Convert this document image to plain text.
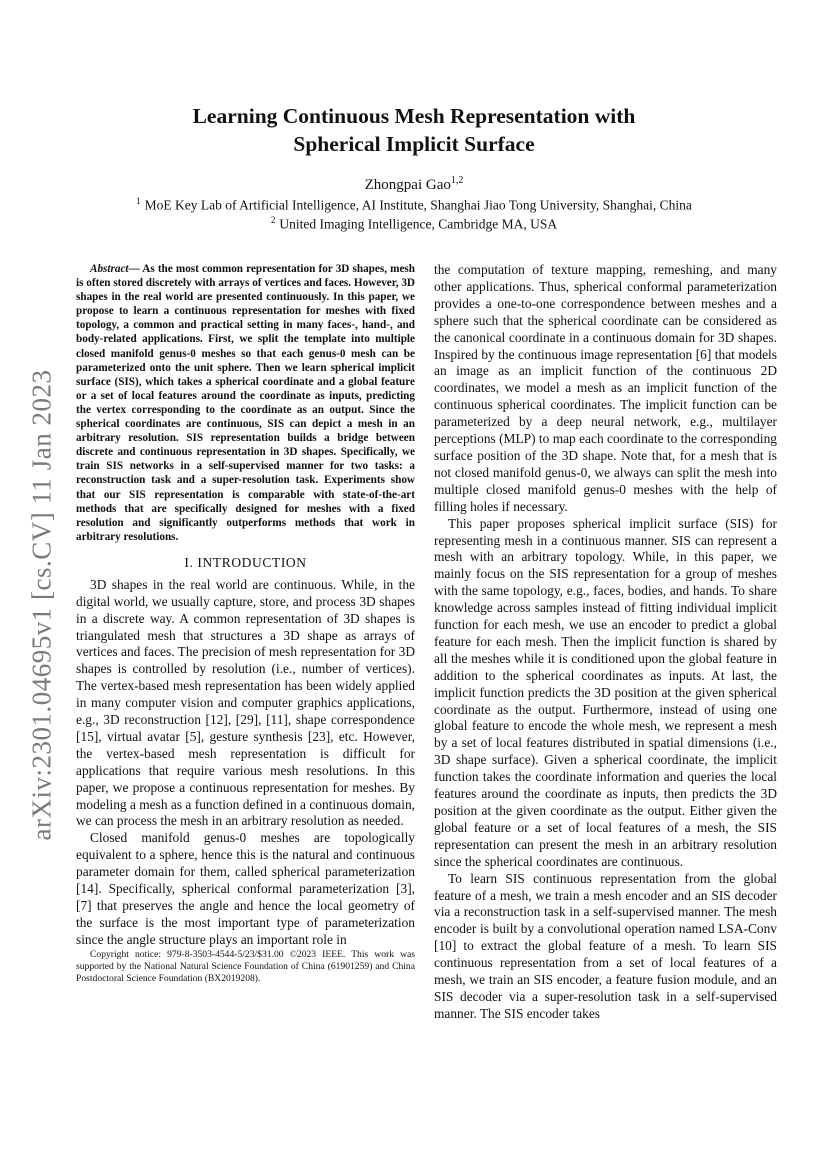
arXiv:2301.04695v1 [cs.CV] 11 Jan 2023
Learning Continuous Mesh Representation with
Spherical Implicit Surface
Zhongpai Gao$^{1,2}$
$^1$ MoE Key Lab of Artificial Intelligence, AI Institute, Shanghai Jiao Tong University, Shanghai, China
$^2$ United Imaging Intelligence, Cambridge MA, USA

Abstract— As the most common representation for 3D shapes, mesh is often stored discretely with arrays of vertices and faces. However, 3D shapes in the real world are presented continuously. In this paper, we propose to learn a continuous representation for meshes with fixed topology, a common and practical setting in many faces-, hand-, and body-related applications. First, we split the template into multiple closed manifold genus-0 meshes so that each genus-0 mesh can be parameterized onto the unit sphere. Then we learn spherical implicit surface (SIS), which takes a spherical coordinate and a global feature or a set of local features around the coordinate as inputs, predicting the vertex corresponding to the coordinate as an output. Since the spherical coordinates are continuous, SIS can depict a mesh in an arbitrary resolution. SIS representation builds a bridge between discrete and continuous representation in 3D shapes. Specifically, we train SIS networks in a self-supervised manner for two tasks: a reconstruction task and a super-resolution task. Experiments show that our SIS representation is comparable with state-of-the-art methods that are specifically designed for meshes with a fixed resolution and significantly outperforms methods that work in arbitrary resolutions.

I. INTRODUCTION

3D shapes in the real world are continuous. While, in the digital world, we usually capture, store, and process 3D shapes in a discrete way. A common representation of 3D shapes is triangulated mesh that structures a 3D shape as arrays of vertices and faces. The precision of mesh representation for 3D shapes is controlled by resolution (i.e., number of vertices). The vertex-based mesh representation has been widely applied in many computer vision and computer graphics applications, e.g., 3D reconstruction [12], [29], [11], shape correspondence [15], virtual avatar [5], gesture synthesis [23], etc. However, the vertex-based mesh representation is difficult for applications that require various mesh resolutions. In this paper, we propose a continuous representation for meshes. By modeling a mesh as a function defined in a continuous domain, we can process the mesh in an arbitrary resolution as needed.

Closed manifold genus-0 meshes are topologically equivalent to a sphere, hence this is the natural and continuous parameter domain for them, called spherical parameterization [14]. Specifically, spherical conformal parameterization [3], [7] that preserves the angle and hence the local geometry of the surface is the most important type of parameterization since the angle structure plays an important role in

Copyright notice: 979-8-3503-4544-5/23/$31.00 ©2023 IEEE. This work was supported by the National Natural Science Foundation of China (61901259) and China Postdoctoral Science Foundation (BX2019208).

the computation of texture mapping, remeshing, and many other applications. Thus, spherical conformal parameterization provides a one-to-one correspondence between meshes and a sphere such that the spherical coordinate can be considered as the canonical coordinate in a continuous domain for 3D shapes. Inspired by the continuous image representation [6] that models an image as an implicit function of the continuous 2D coordinates, we model a mesh as an implicit function of the continuous spherical coordinates. The implicit function can be parameterized by a deep neural network, e.g., multilayer perceptions (MLP) to map each coordinate to the corresponding surface position of the 3D shape. Note that, for a mesh that is not closed manifold genus-0, we always can split the mesh into multiple closed manifold genus-0 meshes with the help of filling holes if necessary.

This paper proposes spherical implicit surface (SIS) for representing mesh in a continuous manner. SIS can represent a mesh with an arbitrary topology. While, in this paper, we mainly focus on the SIS representation for a group of meshes with the same topology, e.g., faces, bodies, and hands. To share knowledge across samples instead of fitting individual implicit function for each mesh, we use an encoder to predict a global feature for each mesh. Then the implicit function is shared by all the meshes while it is conditioned upon the global feature in addition to the spherical coordinates as inputs. At last, the implicit function predicts the 3D position at the given spherical coordinate as the output. Furthermore, instead of using one global feature to encode the whole mesh, we represent a mesh by a set of local features distributed in spatial dimensions (i.e., 3D shape surface). Given a spherical coordinate, the implicit function takes the coordinate information and queries the local features around the coordinate as inputs, then predicts the 3D position at the given coordinate as the output. Either given the global feature or a set of local features of a mesh, the SIS representation can present the mesh in an arbitrary resolution since the spherical coordinates are continuous.

To learn SIS continuous representation from the global feature of a mesh, we train a mesh encoder and an SIS decoder via a reconstruction task in a self-supervised manner. The mesh encoder is built by a convolutional operation named LSA-Conv [10] to extract the global feature of a mesh. To learn SIS continuous representation from a set of local features of a mesh, we train an SIS encoder, a feature fusion module, and an SIS decoder via a super-resolution task in a self-supervised manner. The SIS encoder takes
